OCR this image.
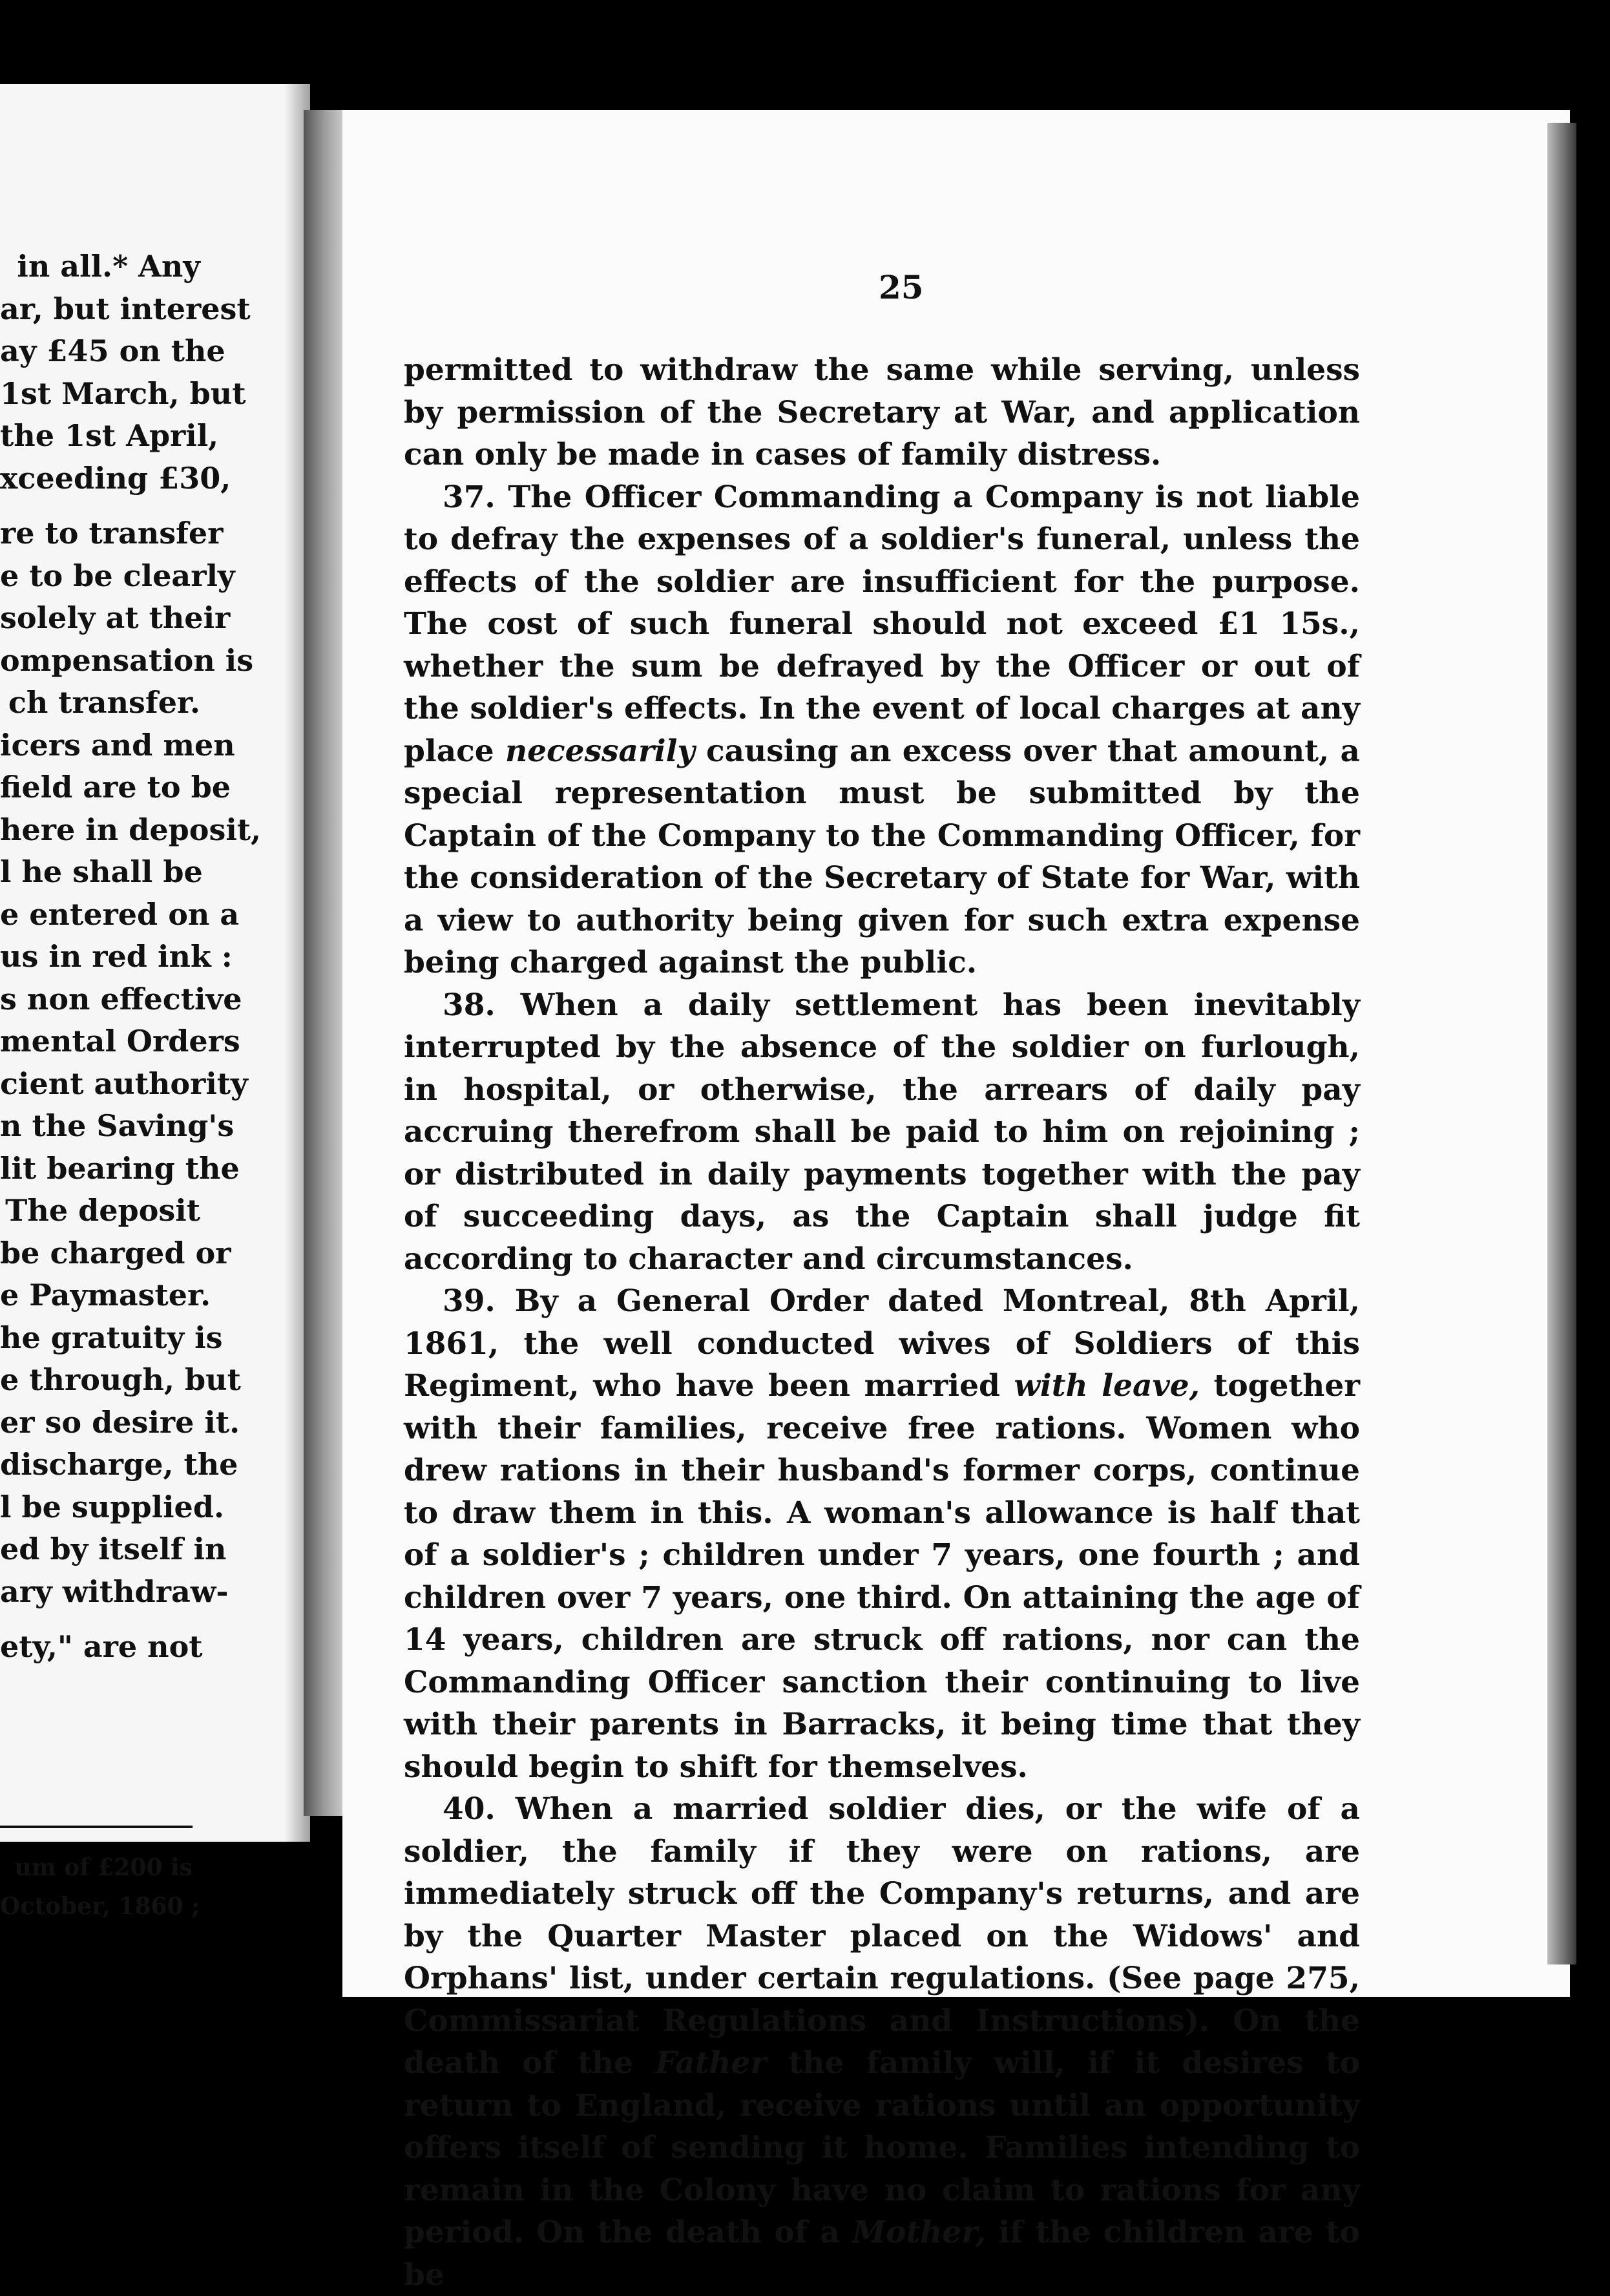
in all.* Any
ar, but interest
ay £45 on the
1st March, but
the 1st April,
xceeding £30,
re to transfer
e to be clearly
solely at their
ompensation is
ch transfer.
icers and men
field are to be
here in deposit,
l he shall be
e entered on a
us in red ink :
s non effective
mental Orders
cient authority
n the Saving's
lit bearing the
The deposit
be charged or
e Paymaster.
he gratuity is
e through, but
er so desire it.
discharge, the
l be supplied.
ed by itself in
ary withdraw-
ety," are not
um of £200 is
October, 1860 ;
25

permitted to withdraw the same while serving, unless by permission of the Secretary at War, and application can only be made in cases of family distress.

37. The Officer Commanding a Company is not liable to defray the expenses of a soldier's funeral, unless the effects of the soldier are insufficient for the purpose. The cost of such funeral should not exceed £1 15s., whether the sum be defrayed by the Officer or out of the soldier's effects. In the event of local charges at any place necessarily causing an excess over that amount, a special representation must be submitted by the Captain of the Company to the Commanding Officer, for the consideration of the Secretary of State for War, with a view to authority being given for such extra expense being charged against the public.

38. When a daily settlement has been inevitably interrupted by the absence of the soldier on furlough, in hospital, or otherwise, the arrears of daily pay accruing therefrom shall be paid to him on rejoining ; or distributed in daily payments together with the pay of succeeding days, as the Captain shall judge fit according to character and circumstances.

39. By a General Order dated Montreal, 8th April, 1861, the well conducted wives of Soldiers of this Regiment, who have been married with leave, together with their families, receive free rations. Women who drew rations in their husband's former corps, continue to draw them in this. A woman's allowance is half that of a soldier's ; children under 7 years, one fourth ; and children over 7 years, one third. On attaining the age of 14 years, children are struck off rations, nor can the Commanding Officer sanction their continuing to live with their parents in Barracks, it being time that they should begin to shift for themselves.

40. When a married soldier dies, or the wife of a soldier, the family if they were on rations, are immediately struck off the Company's returns, and are by the Quarter Master placed on the Widows' and Orphans' list, under certain regulations. (See page 275, Commissariat Regulations and Instructions). On the death of the Father the family will, if it desires to return to England, receive rations until an opportunity offers itself of sending it home. Families intending to remain in the Colony have no claim to rations for any period. On the death of a Mother, if the children are to be
